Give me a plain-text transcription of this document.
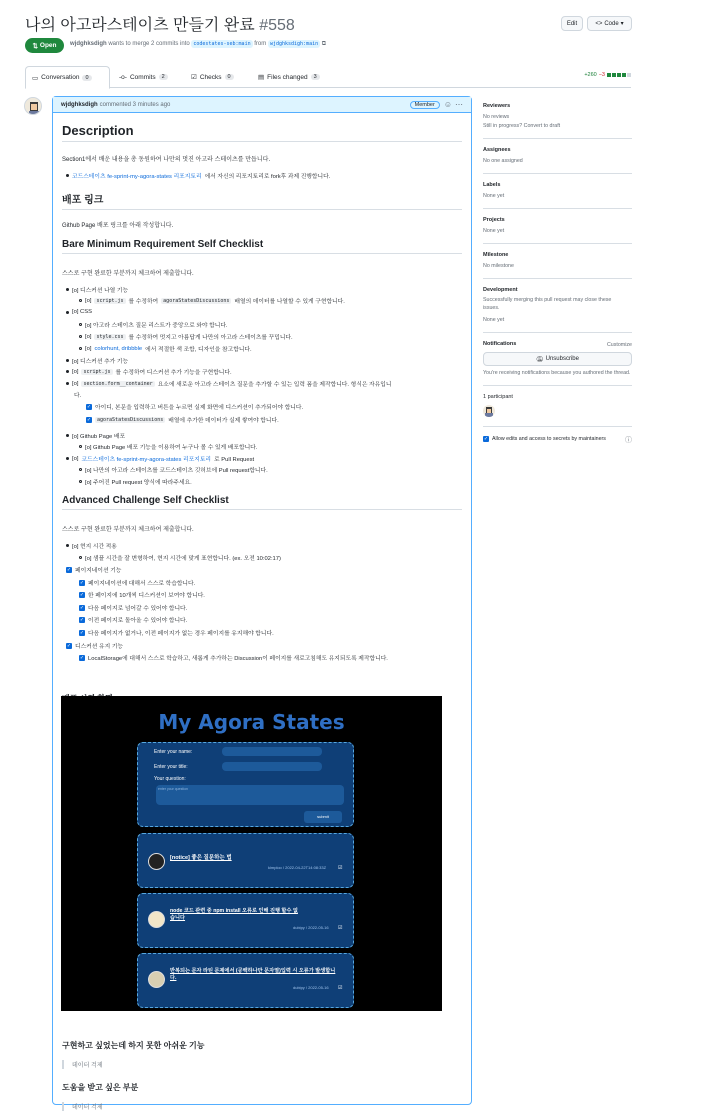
나의 아고라스테이츠 만들기 완료 #558	Edit	<> Code ▾
⇅ Open wjdghksdigh wants to merge 2 commits into codestates-seb:main from wjdghksdigh:main ⧉
▭ Conversation	0	-o- Commits	2	☑ Checks	0	▤ Files changed	3	+260 −3
wjdghksdigh commented 3 minutes ago	Member	☺ ⋯
Description
Section1에서 배운 내용을 총 동원하여 나만의 멋진 아고라 스테이츠를 만듭니다.
코드스테이츠 fe-sprint-my-agora-states 리포지토리 에서 자신의 리포지토리로 fork후 과제 진행합니다.
배포 링크
Github Page 배포 링크를 아래 작성합니다.
Bare Minimum Requirement Self Checklist
스스로 구현 완료한 부분까지 체크하여 제출합니다.
[o] 디스커션 나열 기능
[o]	script.js 를 수정하여	agoraStatesDiscussions 배열의 데이터를 나열할 수 있게 구현합니다.
[o] CSS
[o] 아고라 스테이츠 질문 리스트가 중앙으로 와야 합니다.
[o]	style.css 를 수정하여 멋지고 아름답게 나만의 아고라 스테이츠를 꾸밉니다.
[o] colorhunt, dribbble 에서 적절한 색 조합, 디자인을 참고합니다.
[o] 디스커션 추가 기능
[o]	script.js 를 수정하여 디스커션 추가 기능을 구현합니다.
[o]	section.form__container 요소에 새로운 아고라 스테이츠 질문을 추가할 수 있는 입력 폼을 제작합니다. 형식은 자유입니
다.
✓ 아이디, 본문을 입력하고 버튼을 누르면 실제 화면에 디스커션이 추가되어야 합니다.
✓	agoraStatesDiscussions 배열에 추가한 데이터가 실제 쌓여야 합니다.
[o] Github Page 배포
[o] Github Page 배포 기능을 이용하여 누구나 볼 수 있게 배포합니다.
[o] 코드스테이츠 fe-sprint-my-agora-states 리포지토리 로 Pull Request
[o] 나만의 아고라 스테이츠를 코드스테이츠 깃허브에 Pull request합니다.
[o] 주어진 Pull request 양식에 따라주세요.
Advanced Challenge Self Checklist
스스로 구현 완료한 부분까지 체크하여 제출합니다.
[o] 현지 시간 적용
[o] 샘플 시간을 잘 변형하여, 현지 시간에 맞게 표현합니다. (ex. 오전 10:02:17)
✓ 페이지네이션 기능
✓ 페이지네이션에 대해서 스스로 학습합니다.
✓ 한 페이지에 10개씩 디스커션이 보여야 합니다.
✓ 다음 페이지로 넘어갈 수 있어야 합니다.
✓ 이전 페이지로 돌아올 수 있어야 합니다.
✓ 다음 페이지가 없거나, 이전 페이지가 없는 경우 페이지를 유지해야 합니다.
✓ 디스커션 유지 기능
✓ LocalStorage에 대해서 스스로 학습하고, 새롭게 추가하는 Discussion이 페이지를 새로고침해도 유지되도록 제작합니다.
구현하고 싶었는데 하지 못한 아쉬운 기능
데이터 걱제
도움을 받고 싶은 부분
데이터 걱제
My Agora States
Enter your name:
Enter your title:
Your question:
enter your question
submit
[notice] 좋은 질문하는 법
kimploo / 2022-04-22T14:08:33Z ☑
node 코드 관련 중 npm install 오류로 인해 진행 할수 없습니다
dubipy / 2022-05-16 ☑
반복되는 문자 라틴 문제에서 (공백하나만 문자열)입력 시 오류가 발생합니다.
dubipy / 2022-05-16 ☑
Reviewers
No reviews
Still in progress? Convert to draft
Assignees
No one assigned
Labels
None yet
Projects
None yet
Milestone
No milestone
Development
Successfully merging this pull request may close these issues.
None yet
Notifications	Customize
🔕︎ Unsubscribe
You're receiving notifications because you authored the thread.
1 participant
✓ Allow edits and access to secrets by maintainers	ⓘ
